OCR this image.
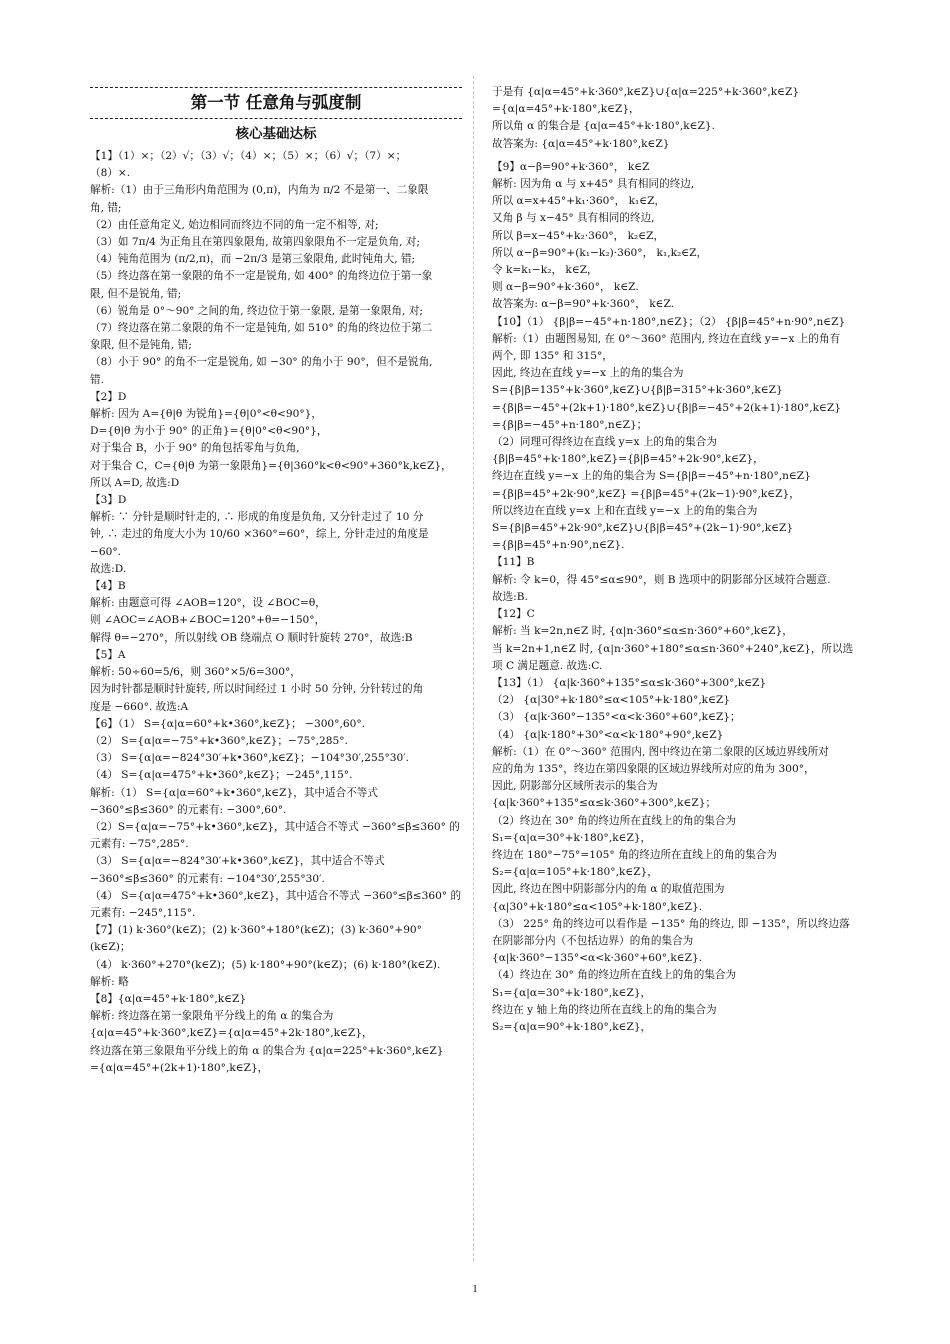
第一节 任意角与弧度制
核心基础达标
【1】（1）×；（2）√；（3）√；（4）×；（5）×；（6）√；（7）×；
（8）×.
解析:（1）由于三角形内角范围为 (0,π)，内角为 π/2 不是第一、二象限
角, 错;
（2）由任意角定义, 始边相同而终边不同的角一定不相等, 对;
（3）如 7π/4 为正角且在第四象限角, 故第四象限角不一定是负角, 对;
（4）钝角范围为 (π/2,π)，而 −2π/3 是第三象限角, 此时钝角大, 错;
（5）终边落在第一象限的角不一定是锐角, 如 400° 的角终边位于第一象
限, 但不是锐角, 错;
（6）锐角是 0°～90° 之间的角, 终边位于第一象限, 是第一象限角, 对;
（7）终边落在第二象限的角不一定是钝角, 如 510° 的角的终边位于第二
象限, 但不是钝角, 错;
（8）小于 90° 的角不一定是锐角, 如 −30° 的角小于 90°，但不是锐角,
错.
【2】D
解析: 因为 A={θ|θ 为锐角}={θ|0°<θ<90°}，
D={θ|θ 为小于 90° 的正角}={θ|0°<θ<90°}，
对于集合 B，小于 90° 的角包括零角与负角,
对于集合 C，C={θ|θ 为第一象限角}={θ|360°k<θ<90°+360°k,k∈Z}，
所以 A=D, 故选:D
【3】D
解析: ∵ 分针是顺时针走的, ∴ 形成的角度是负角, 又分针走过了 10 分
钟, ∴ 走过的角度大小为 10/60 ×360°=60°，综上, 分针走过的角度是 −60°.
故选:D.
【4】B
解析: 由题意可得 ∠AOB=120°，设 ∠BOC=θ，
则 ∠AOC=∠AOB+∠BOC=120°+θ=−150°，
解得 θ=−270°，所以射线 OB 绕端点 O 顺时针旋转 270°，故选:B
【5】A
解析: 50÷60=5/6，则 360°×5/6=300°，
因为时针都是顺时针旋转, 所以时间经过 1 小时 50 分钟, 分针转过的角
度是 −660°. 故选:A
【6】（1） S={α|α=60°+k•360°,k∈Z}； −300°,60°.
（2） S={α|α=−75°+k•360°,k∈Z}；−75°,285°.
（3） S={α|α=−824°30′+k•360°,k∈Z}；−104°30′,255°30′.
（4） S={α|α=475°+k•360°,k∈Z}；−245°,115°.
解析:（1） S={α|α=60°+k•360°,k∈Z}，其中适合不等式
−360°≤β≤360° 的元素有: −300°,60°.
（2）S={α|α=−75°+k•360°,k∈Z}，其中适合不等式 −360°≤β≤360° 的
元素有: −75°,285°.
（3） S={α|α=−824°30′+k•360°,k∈Z}，其中适合不等式
−360°≤β≤360° 的元素有: −104°30′,255°30′.
（4） S={α|α=475°+k•360°,k∈Z}，其中适合不等式 −360°≤β≤360° 的
元素有: −245°,115°.
【7】(1) k·360°(k∈Z)；(2) k·360°+180°(k∈Z)；(3) k·360°+90°(k∈Z)；
（4） k·360°+270°(k∈Z)；(5) k·180°+90°(k∈Z)；(6) k·180°(k∈Z).
解析: 略
【8】{α|α=45°+k·180°,k∈Z}
解析: 终边落在第一象限角平分线上的角 α 的集合为
{α|α=45°+k·360°,k∈Z}={α|α=45°+2k·180°,k∈Z}，
终边落在第三象限角平分线上的角 α 的集合为 {α|α=225°+k·360°,k∈Z}
={α|α=45°+(2k+1)·180°,k∈Z}，
于是有 {α|α=45°+k·360°,k∈Z}∪{α|α=225°+k·360°,k∈Z}
={α|α=45°+k·180°,k∈Z}，
所以角 α 的集合是 {α|α=45°+k·180°,k∈Z}.
故答案为: {α|α=45°+k·180°,k∈Z}
【9】α−β=90°+k·360°， k∈Z
解析: 因为角 α 与 x+45° 具有相同的终边,
所以 α=x+45°+k₁·360°， k₁∈Z，
又角 β 与 x−45° 具有相同的终边,
所以 β=x−45°+k₂·360°， k₂∈Z，
所以 α−β=90°+(k₁−k₂)·360°， k₁,k₂∈Z，
令 k=k₁−k₂， k∈Z，
则 α−β=90°+k·360°， k∈Z.
故答案为: α−β=90°+k·360°， k∈Z.
【10】（1） {β|β=−45°+n·180°,n∈Z}；（2） {β|β=45°+n·90°,n∈Z}
解析:（1）由题图易知, 在 0°～360° 范围内, 终边在直线 y=−x 上的角有
两个, 即 135° 和 315°，
因此, 终边在直线 y=−x 上的角的集合为
S={β|β=135°+k·360°,k∈Z}∪{β|β=315°+k·360°,k∈Z}
={β|β=−45°+(2k+1)·180°,k∈Z}∪{β|β=−45°+2(k+1)·180°,k∈Z}
={β|β=−45°+n·180°,n∈Z}；
（2）同理可得终边在直线 y=x 上的角的集合为
{β|β=45°+k·180°,k∈Z}={β|β=45°+2k·90°,k∈Z}，
终边在直线 y=−x 上的角的集合为 S={β|β=−45°+n·180°,n∈Z}
={β|β=45°+2k·90°,k∈Z} ={β|β=45°+(2k−1)·90°,k∈Z}，
所以终边在直线 y=x 上和在直线 y=−x 上的角的集合为
S={β|β=45°+2k·90°,k∈Z}∪{β|β=45°+(2k−1)·90°,k∈Z}
={β|β=45°+n·90°,n∈Z}.
【11】B
解析: 令 k=0，得 45°≤α≤90°，则 B 选项中的阴影部分区域符合题意.
故选:B.
【12】C
解析: 当 k=2n,n∈Z 时, {α|n·360°≤α≤n·360°+60°,k∈Z}，
当 k=2n+1,n∈Z 时, {α|n·360°+180°≤α≤n·360°+240°,k∈Z}，所以选
项 C 满足题意. 故选:C.
【13】（1） {α|k·360°+135°≤α≤k·360°+300°,k∈Z}
（2） {α|30°+k·180°≤α<105°+k·180°,k∈Z}
（3） {α|k·360°−135°<α<k·360°+60°,k∈Z}；
（4） {α|k·180°+30°<α<k·180°+90°,k∈Z}
解析:（1）在 0°～360° 范围内, 图中终边在第二象限的区域边界线所对
应的角为 135°，终边在第四象限的区域边界线所对应的角为 300°，
因此, 阴影部分区域所表示的集合为
{α|k·360°+135°≤α≤k·360°+300°,k∈Z}；
（2）终边在 30° 角的终边所在直线上的角的集合为
S₁={α|α=30°+k·180°,k∈Z}，
终边在 180°−75°=105° 角的终边所在直线上的角的集合为
S₂={α|α=105°+k·180°,k∈Z}，
因此, 终边在图中阴影部分内的角 α 的取值范围为
{α|30°+k·180°≤α<105°+k·180°,k∈Z}.
（3） 225° 角的终边可以看作是 −135° 角的终边, 即 −135°，所以终边落
在阴影部分内（不包括边界）的角的集合为
{α|k·360°−135°<α<k·360°+60°,k∈Z}.
（4）终边在 30° 角的终边所在直线上的角的集合为
S₁={α|α=30°+k·180°,k∈Z}，
终边在 y 轴上角的终边所在直线上的角的集合为
S₂={α|α=90°+k·180°,k∈Z}，
1
